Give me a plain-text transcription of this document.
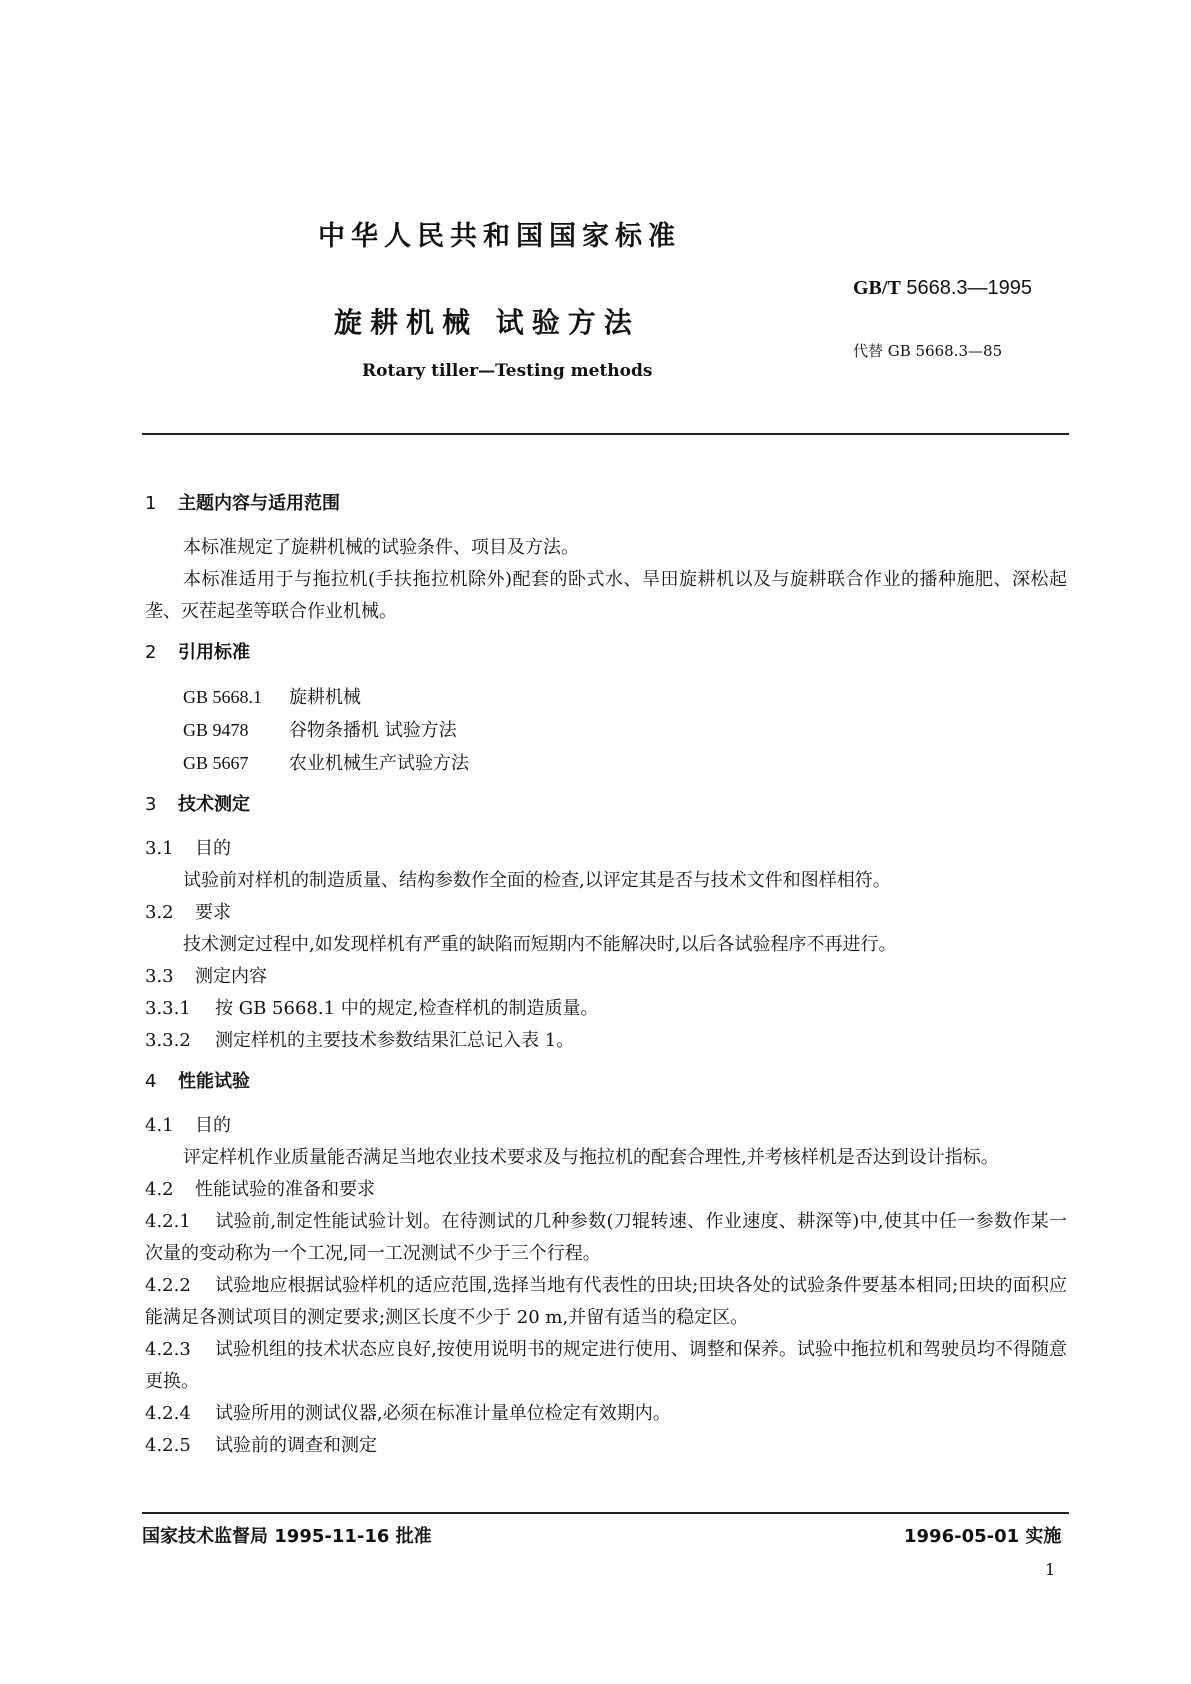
中华人民共和国国家标准
旋耕机械 试验方法
Rotary tiller—Testing methods
GB/T 5668.3—1995
代替 GB 5668.3—85

1 主题内容与适用范围

本标准规定了旋耕机械的试验条件、项目及方法。

本标准适用于与拖拉机(手扶拖拉机除外)配套的卧式水、旱田旋耕机以及与旋耕联合作业的播种施肥、深松起垄、灭茬起垄等联合作业机械。

2 引用标准

GB 5668.1 旋耕机械

GB 9478 谷物条播机 试验方法

GB 5667 农业机械生产试验方法

3 技术测定

3.1 目的

试验前对样机的制造质量、结构参数作全面的检查,以评定其是否与技术文件和图样相符。

3.2 要求

技术测定过程中,如发现样机有严重的缺陷而短期内不能解决时,以后各试验程序不再进行。

3.3 测定内容

3.3.1 按 GB 5668.1 中的规定,检查样机的制造质量。

3.3.2 测定样机的主要技术参数结果汇总记入表 1。

4 性能试验

4.1 目的

评定样机作业质量能否满足当地农业技术要求及与拖拉机的配套合理性,并考核样机是否达到设计指标。

4.2 性能试验的准备和要求

4.2.1 试验前,制定性能试验计划。在待测试的几种参数(刀辊转速、作业速度、耕深等)中,使其中任一参数作某一次量的变动称为一个工况,同一工况测试不少于三个行程。

4.2.2 试验地应根据试验样机的适应范围,选择当地有代表性的田块;田块各处的试验条件要基本相同;田块的面积应能满足各测试项目的测定要求;测区长度不少于 20 m,并留有适当的稳定区。

4.2.3 试验机组的技术状态应良好,按使用说明书的规定进行使用、调整和保养。试验中拖拉机和驾驶员均不得随意更换。

4.2.4 试验所用的测试仪器,必须在标准计量单位检定有效期内。

4.2.5 试验前的调查和测定

国家技术监督局 1995-11-16 批准	1996-05-01 实施
1
